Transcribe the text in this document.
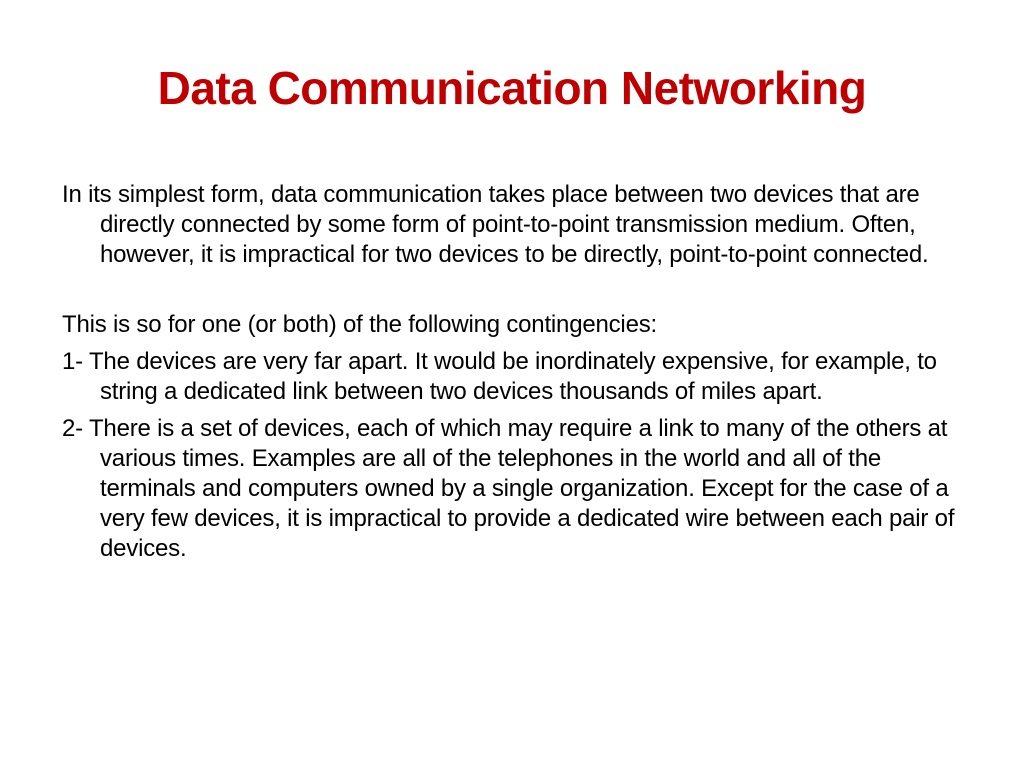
Data Communication Networking

In its simplest form, data communication takes place between two devices that are directly connected by some form of point-to-point transmission medium. Often, however, it is impractical for two devices to be directly, point-to-point connected.

This is so for one (or both) of the following contingencies:

1- The devices are very far apart. It would be inordinately expensive, for example, to string a dedicated link between two devices thousands of miles apart.

2- There is a set of devices, each of which may require a link to many of the others at various times. Examples are all of the telephones in the world and all of the terminals and computers owned by a single organization. Except for the case of a very few devices, it is impractical to provide a dedicated wire between each pair of devices.
